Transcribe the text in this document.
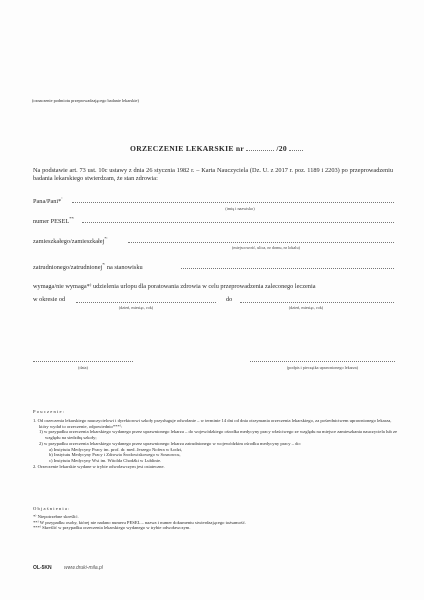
(oznaczenie podmiotu przeprowadzającego badanie lekarskie)
ORZECZENIE LEKARSKIE nr	/20
Na podstawie art. 73 ust. 10c ustawy z dnia 26 stycznia 1982 r. – Karta Nauczyciela (Dz. U. z 2017 r. poz. 1189 i 2203) po przeprowadzeniu badania lekarskiego stwierdzam, że stan zdrowia:
Pana/Pani*⁾
(imię i nazwisko)
numer PESEL**⁾
zamieszkałego/zamieszkałej*⁾
(miejscowość, ulica, nr domu, nr lokalu)
zatrudnionego/zatrudnionej*⁾ na stanowisku
wymaga/nie wymaga*⁾ udzielenia urlopu dla poratowania zdrowia w celu przeprowadzenia zaleconego leczenia
w okresie od	do
(dzień, miesiąc, rok)	(dzień, miesiąc, rok)
(data)	(podpis i pieczątka uprawnionego lekarza)
Pouczenie:
1. Od orzeczenia lekarskiego nauczycielowi i dyrektorowi szkoły przysługuje odwołanie – w terminie 14 dni od dnia otrzymania orzeczenia lekarskiego, za pośrednictwem uprawnionego lekarza, który wydał to orzeczenie, odpowiednio***⁾:
1) w przypadku orzeczenia lekarskiego wydanego przez uprawnionego lekarza – do wojewódzkiego ośrodka medycyny pracy właściwego ze względu na miejsce zamieszkania nauczyciela lub ze względu na siedzibę szkoły;
2) w przypadku orzeczenia lekarskiego wydanego przez uprawnionego lekarza zatrudnionego w wojewódzkim ośrodku medycyny pracy – do:
a) Instytutu Medycyny Pracy im. prof. dr. med. Jerzego Nofera w Łodzi,
b) Instytutu Medycyny Pracy i Zdrowia Środowiskowego w Sosnowcu,
c) Instytutu Medycyny Wsi im. Witolda Chodźki w Lublinie.
2. Orzeczenie lekarskie wydane w trybie odwoławczym jest ostateczne.
Objaśnienia:
*⁾ Niepotrzebne skreślić.
**⁾ W przypadku osoby, której nie nadano numeru PESEL – nazwa i numer dokumentu stwierdzającego tożsamość.
***⁾ Skreślić w przypadku orzeczenia lekarskiego wydanego w trybie odwoławczym.
OL-5KN www.druki-mila.pl
